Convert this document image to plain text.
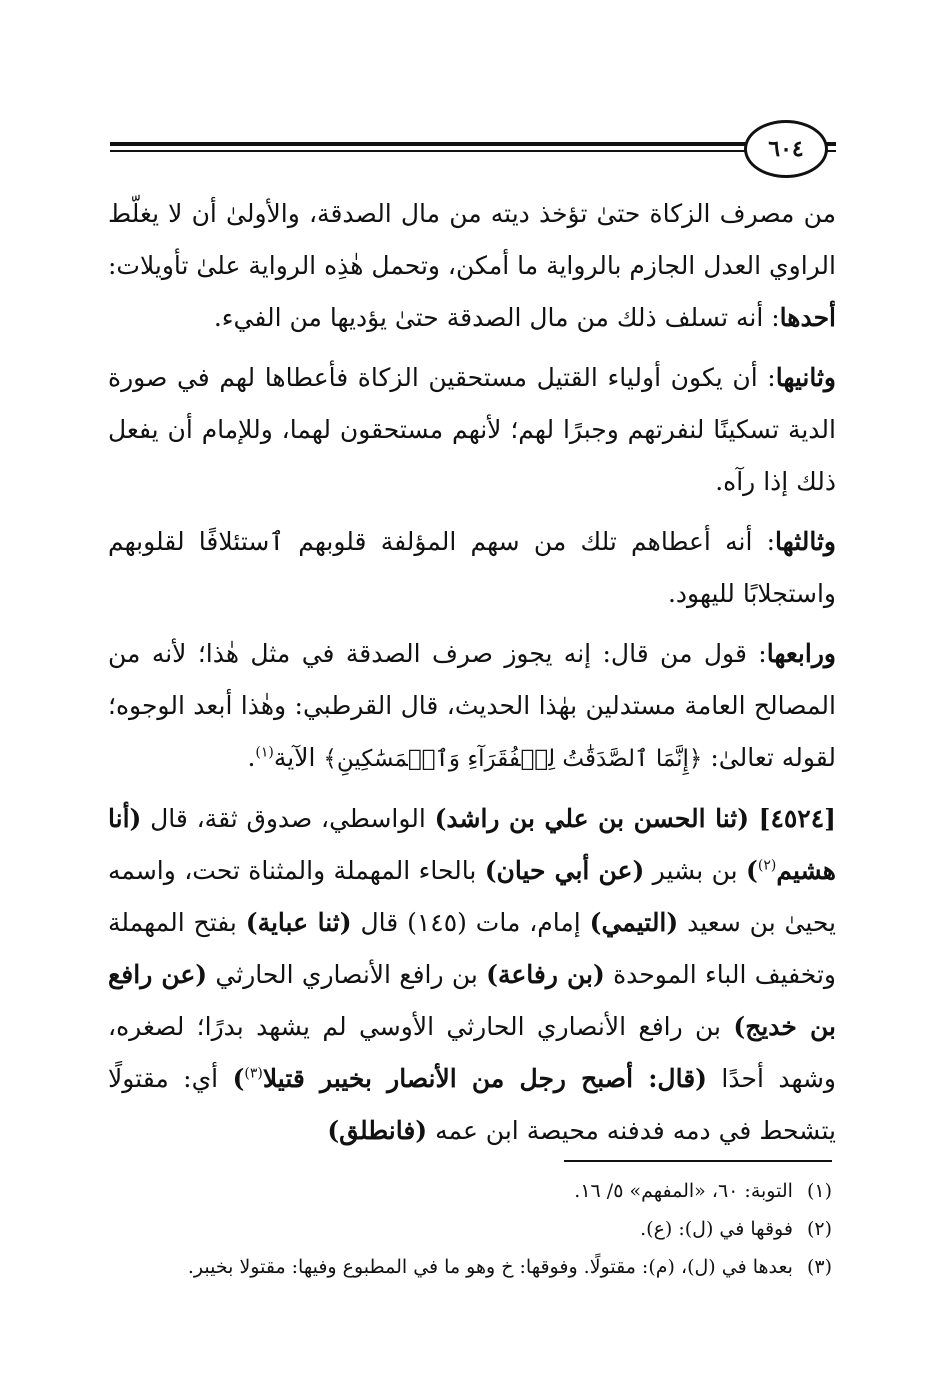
٦٠٤

من مصرف الزكاة حتىٰ تؤخذ ديته من مال الصدقة، والأولىٰ أن لا يغلّط الراوي العدل الجازم بالرواية ما أمكن، وتحمل هٰذِه الرواية علىٰ تأويلات: أحدها: أنه تسلف ذلك من مال الصدقة حتىٰ يؤديها من الفيء.

وثانيها: أن يكون أولياء القتيل مستحقين الزكاة فأعطاها لهم في صورة الدية تسكينًا لنفرتهم وجبرًا لهم؛ لأنهم مستحقون لهما، وللإمام أن يفعل ذلك إذا رآه.

وثالثها: أنه أعطاهم تلك من سهم المؤلفة قلوبهم ٱستئلافًا لقلوبهم واستجلابًا لليهود.

ورابعها: قول من قال: إنه يجوز صرف الصدقة في مثل هٰذا؛ لأنه من المصالح العامة مستدلين بهٰذا الحديث، قال القرطبي: وهٰذا أبعد الوجوه؛ لقوله تعالىٰ: ﴿إِنَّمَا ٱلصَّدَقَٰتُ لِلۡفُقَرَآءِ وَٱلۡمَسَٰكِينِ﴾ الآية$^{(١)}$.

[٤٥٢٤] (ثنا الحسن بن علي بن راشد) الواسطي، صدوق ثقة، قال (أنا هشيم$^{(٢)}$) بن بشير (عن أبي حيان) بالحاء المهملة والمثناة تحت، واسمه يحيىٰ بن سعيد (التيمي) إمام، مات (١٤٥) قال (ثنا عباية) بفتح المهملة وتخفيف الباء الموحدة (بن رفاعة) بن رافع الأنصاري الحارثي (عن رافع بن خديج) بن رافع الأنصاري الحارثي الأوسي لم يشهد بدرًا؛ لصغره، وشهد أحدًا (قال: أصبح رجل من الأنصار بخيبر قتيلا$^{(٣)}$) أي: مقتولًا يتشحط في دمه فدفنه محيصة ابن عمه (فانطلق)

(١)التوبة: ٦٠، «المفهم» ٥/ ١٦.

(٢)فوقها في (ل): (ع).

(٣)بعدها في (ل)، (م): مقتولًا. وفوقها: خ وهو ما في المطبوع وفيها: مقتولا بخيبر.
